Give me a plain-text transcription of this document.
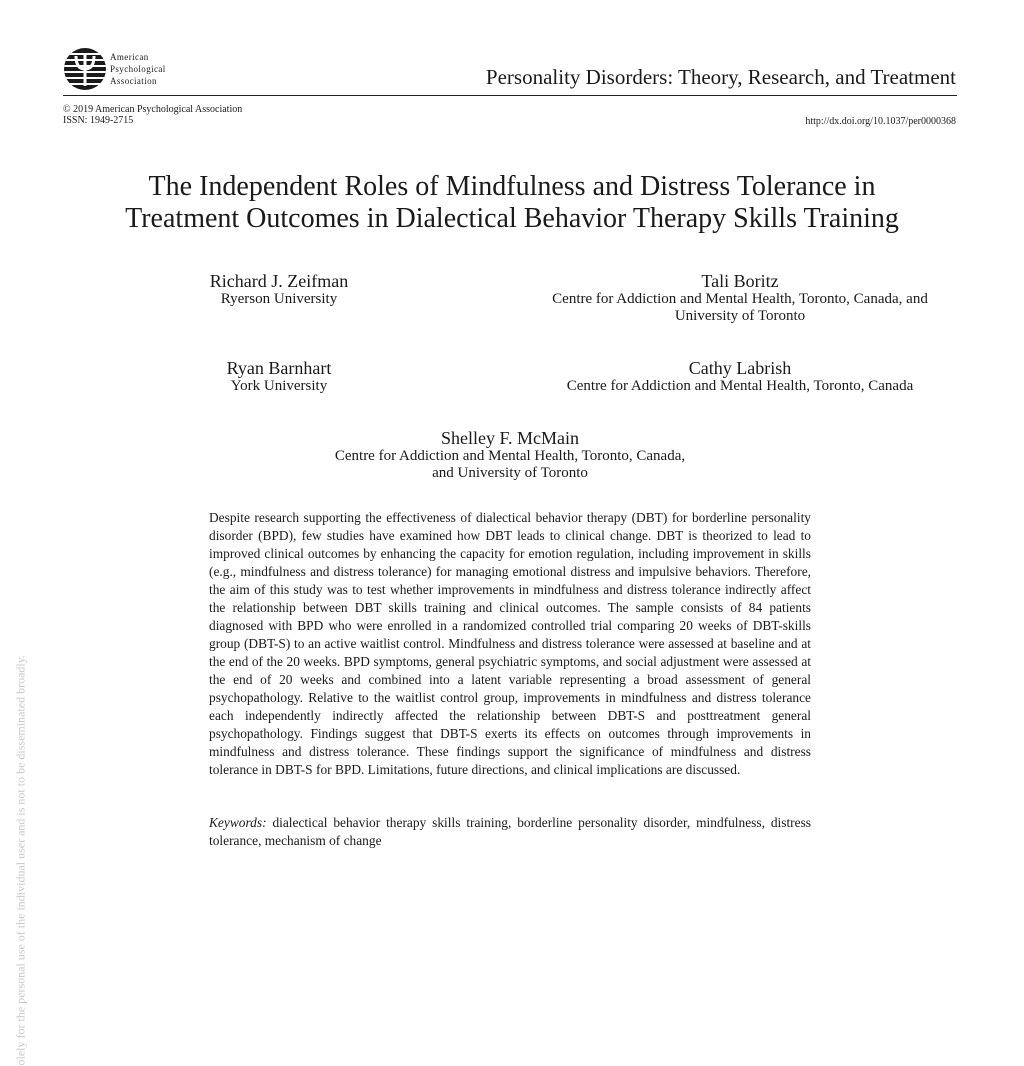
American
Psychological
Association	Personality Disorders: Theory, Research, and Treatment
© 2019 American Psychological Association
ISSN: 1949-2715	http://dx.doi.org/10.1037/per0000368
The Independent Roles of Mindfulness and Distress Tolerance in
Treatment Outcomes in Dialectical Behavior Therapy Skills Training
Richard J. Zeifman
Ryerson University
Tali Boritz
Centre for Addiction and Mental Health, Toronto, Canada, and
University of Toronto
Ryan Barnhart
York University
Cathy Labrish
Centre for Addiction and Mental Health, Toronto, Canada
Shelley F. McMain
Centre for Addiction and Mental Health, Toronto, Canada,
and University of Toronto
Despite research supporting the effectiveness of dialectical behavior therapy (DBT) for borderline personality disorder (BPD), few studies have examined how DBT leads to clinical change. DBT is theorized to lead to improved clinical outcomes by enhancing the capacity for emotion regulation, including improvement in skills (e.g., mindfulness and distress tolerance) for managing emotional distress and impulsive behaviors. Therefore, the aim of this study was to test whether improvements in mindfulness and distress tolerance indirectly affect the relationship between DBT skills training and clinical outcomes. The sample consists of 84 patients diagnosed with BPD who were enrolled in a randomized controlled trial comparing 20 weeks of DBT-skills group (DBT-S) to an active waitlist control. Mindfulness and distress tolerance were assessed at baseline and at the end of the 20 weeks. BPD symptoms, general psychiatric symptoms, and social adjustment were assessed at the end of 20 weeks and combined into a latent variable representing a broad assessment of general psychopathology. Relative to the waitlist control group, improvements in mindfulness and distress tolerance each independently indirectly affected the relationship between DBT-S and posttreatment general psychopathology. Findings suggest that DBT-S exerts its effects on outcomes through improvements in mindfulness and distress tolerance. These findings support the significance of mindfulness and distress tolerance in DBT-S for BPD. Limitations, future directions, and clinical implications are discussed.
Keywords: dialectical behavior therapy skills training, borderline personality disorder, mindfulness, distress tolerance, mechanism of change
olely for the personal use of the individual user and is not to be disseminated broadly.
